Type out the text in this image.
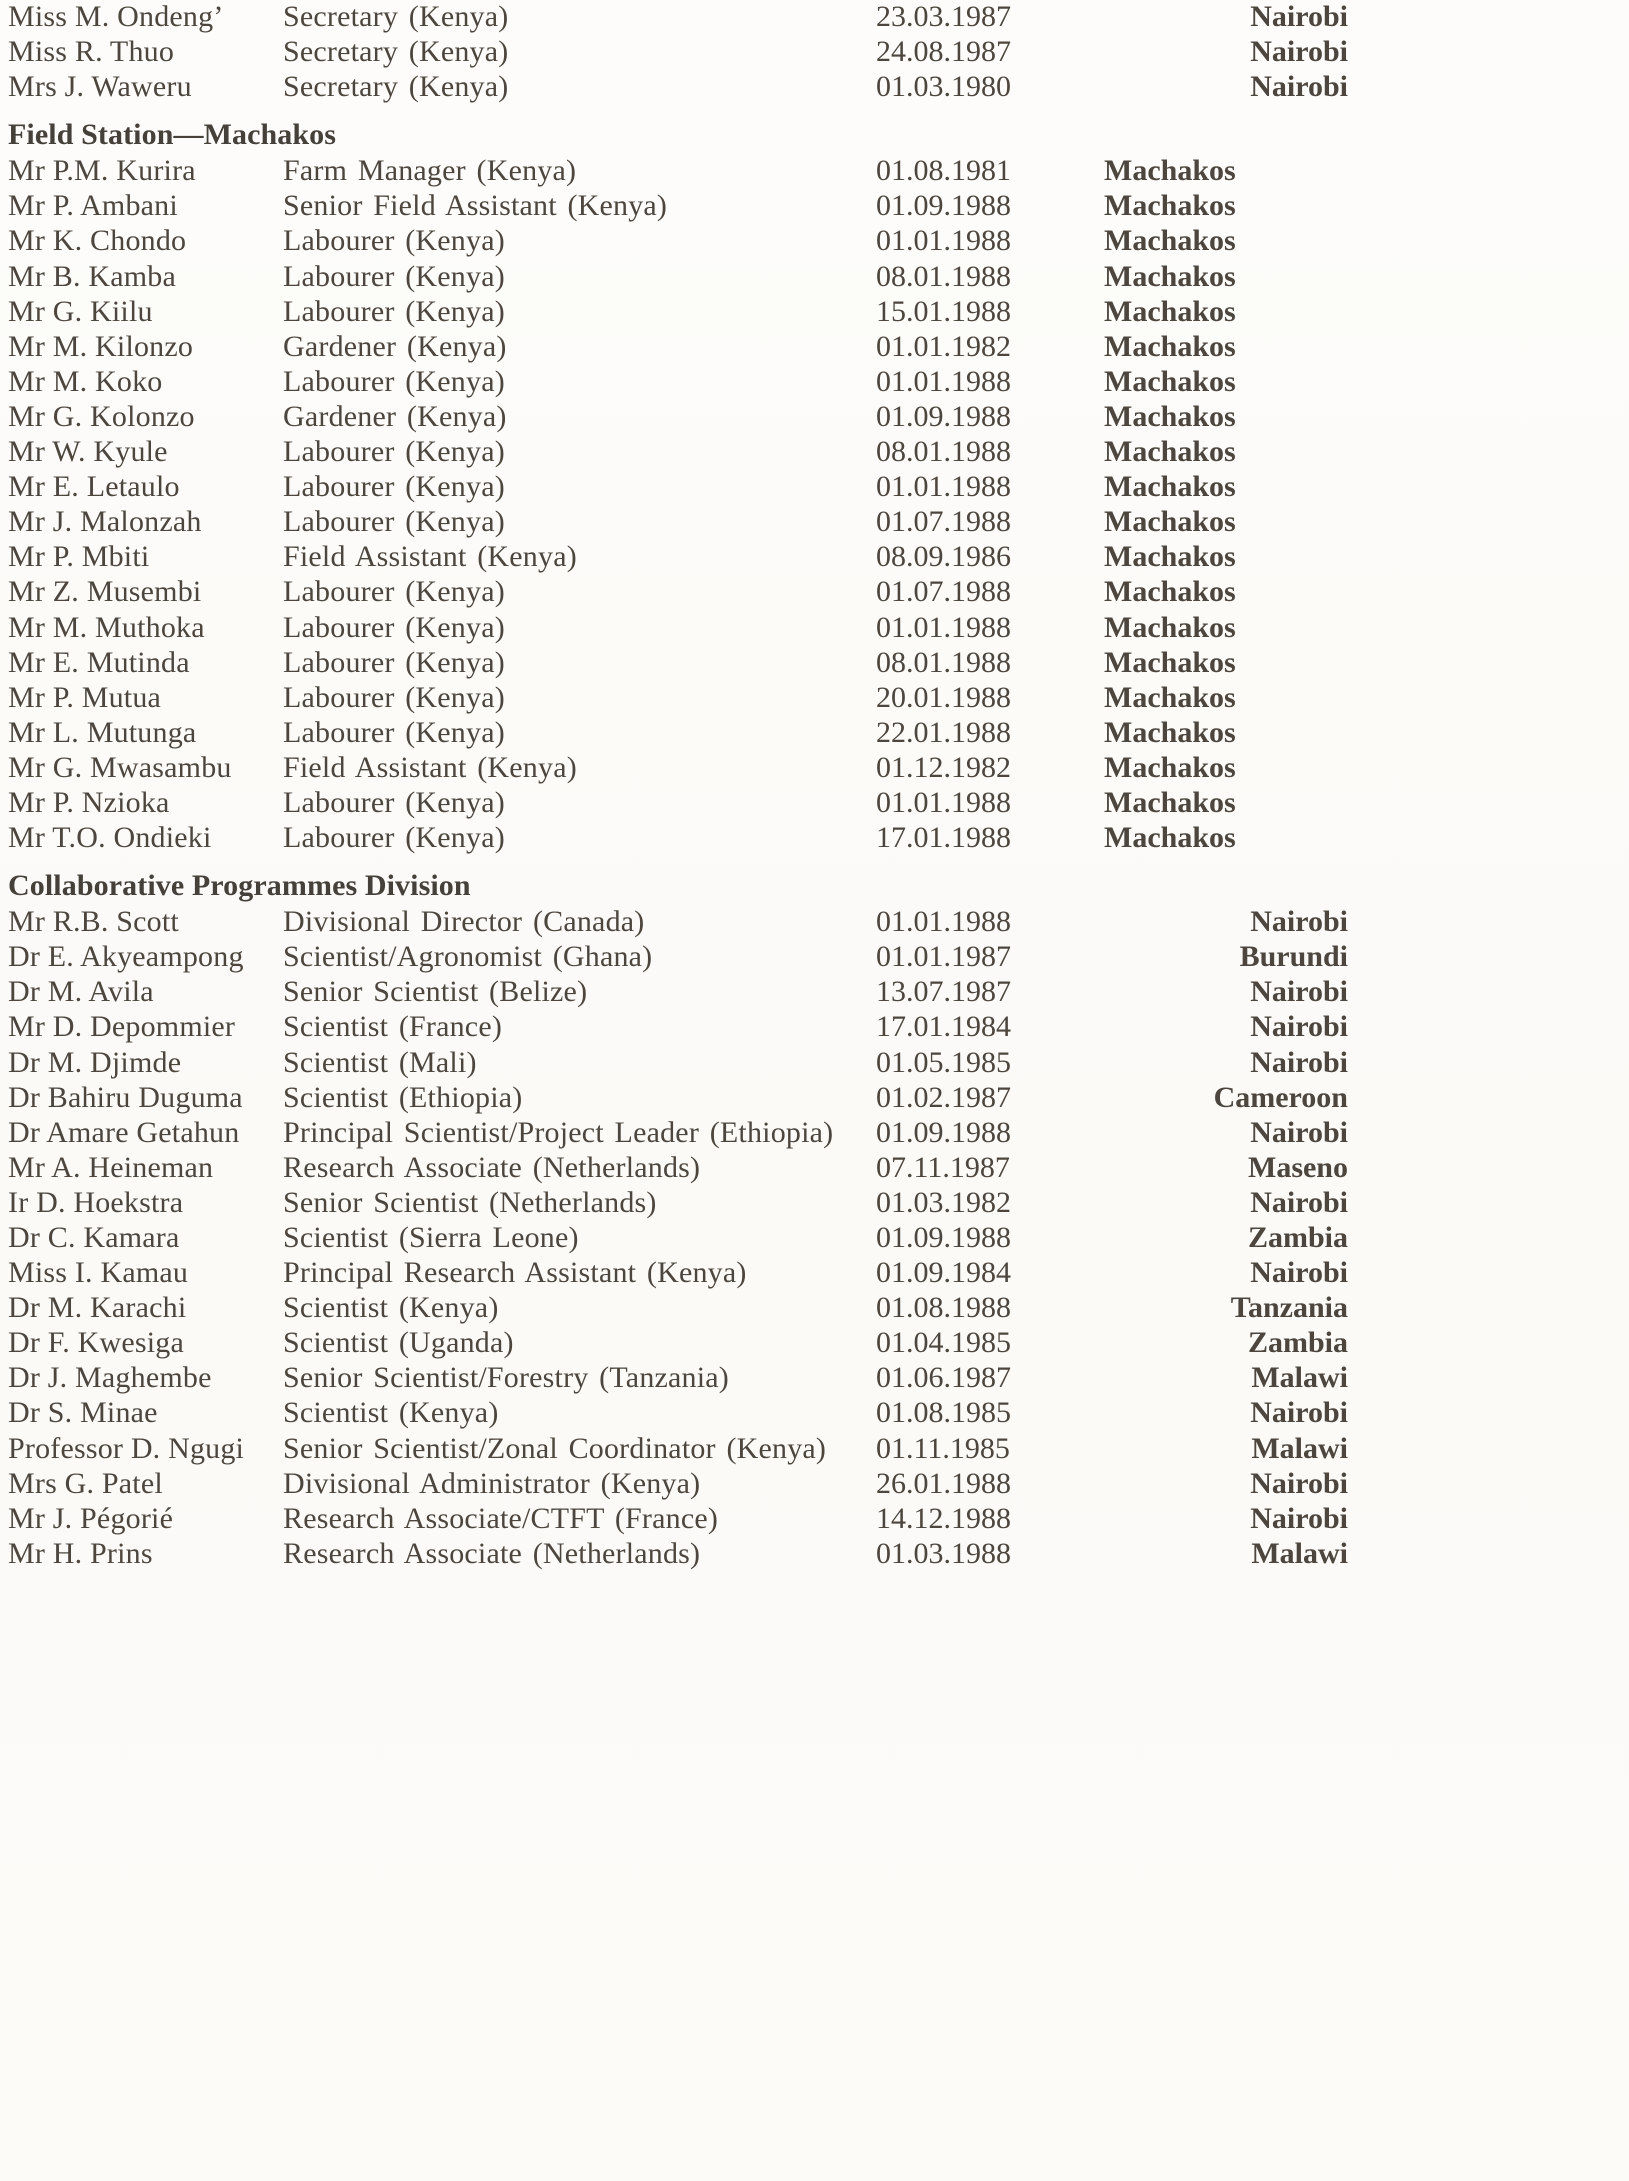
Miss M. Ondeng’	Secretary (Kenya)	23.03.1987	Nairobi
Miss R. Thuo	Secretary (Kenya)	24.08.1987	Nairobi
Mrs J. Waweru	Secretary (Kenya)	01.03.1980	Nairobi
Field Station—Machakos
Mr P.M. Kurira	Farm Manager (Kenya)	01.08.1981	Machakos
Mr P. Ambani	Senior Field Assistant (Kenya)	01.09.1988	Machakos
Mr K. Chondo	Labourer (Kenya)	01.01.1988	Machakos
Mr B. Kamba	Labourer (Kenya)	08.01.1988	Machakos
Mr G. Kiilu	Labourer (Kenya)	15.01.1988	Machakos
Mr M. Kilonzo	Gardener (Kenya)	01.01.1982	Machakos
Mr M. Koko	Labourer (Kenya)	01.01.1988	Machakos
Mr G. Kolonzo	Gardener (Kenya)	01.09.1988	Machakos
Mr W. Kyule	Labourer (Kenya)	08.01.1988	Machakos
Mr E. Letaulo	Labourer (Kenya)	01.01.1988	Machakos
Mr J. Malonzah	Labourer (Kenya)	01.07.1988	Machakos
Mr P. Mbiti	Field Assistant (Kenya)	08.09.1986	Machakos
Mr Z. Musembi	Labourer (Kenya)	01.07.1988	Machakos
Mr M. Muthoka	Labourer (Kenya)	01.01.1988	Machakos
Mr E. Mutinda	Labourer (Kenya)	08.01.1988	Machakos
Mr P. Mutua	Labourer (Kenya)	20.01.1988	Machakos
Mr L. Mutunga	Labourer (Kenya)	22.01.1988	Machakos
Mr G. Mwasambu	Field Assistant (Kenya)	01.12.1982	Machakos
Mr P. Nzioka	Labourer (Kenya)	01.01.1988	Machakos
Mr T.O. Ondieki	Labourer (Kenya)	17.01.1988	Machakos
Collaborative Programmes Division
Mr R.B. Scott	Divisional Director (Canada)	01.01.1988	Nairobi
Dr E. Akyeampong	Scientist/Agronomist (Ghana)	01.01.1987	Burundi
Dr M. Avila	Senior Scientist (Belize)	13.07.1987	Nairobi
Mr D. Depommier	Scientist (France)	17.01.1984	Nairobi
Dr M. Djimde	Scientist (Mali)	01.05.1985	Nairobi
Dr Bahiru Duguma	Scientist (Ethiopia)	01.02.1987	Cameroon
Dr Amare Getahun	Principal Scientist/Project Leader (Ethiopia)	01.09.1988	Nairobi
Mr A. Heineman	Research Associate (Netherlands)	07.11.1987	Maseno
Ir D. Hoekstra	Senior Scientist (Netherlands)	01.03.1982	Nairobi
Dr C. Kamara	Scientist (Sierra Leone)	01.09.1988	Zambia
Miss I. Kamau	Principal Research Assistant (Kenya)	01.09.1984	Nairobi
Dr M. Karachi	Scientist (Kenya)	01.08.1988	Tanzania
Dr F. Kwesiga	Scientist (Uganda)	01.04.1985	Zambia
Dr J. Maghembe	Senior Scientist/Forestry (Tanzania)	01.06.1987	Malawi
Dr S. Minae	Scientist (Kenya)	01.08.1985	Nairobi
Professor D. Ngugi	Senior Scientist/Zonal Coordinator (Kenya)	01.11.1985	Malawi
Mrs G. Patel	Divisional Administrator (Kenya)	26.01.1988	Nairobi
Mr J. Pégorié	Research Associate/CTFT (France)	14.12.1988	Nairobi
Mr H. Prins	Research Associate (Netherlands)	01.03.1988	Malawi
